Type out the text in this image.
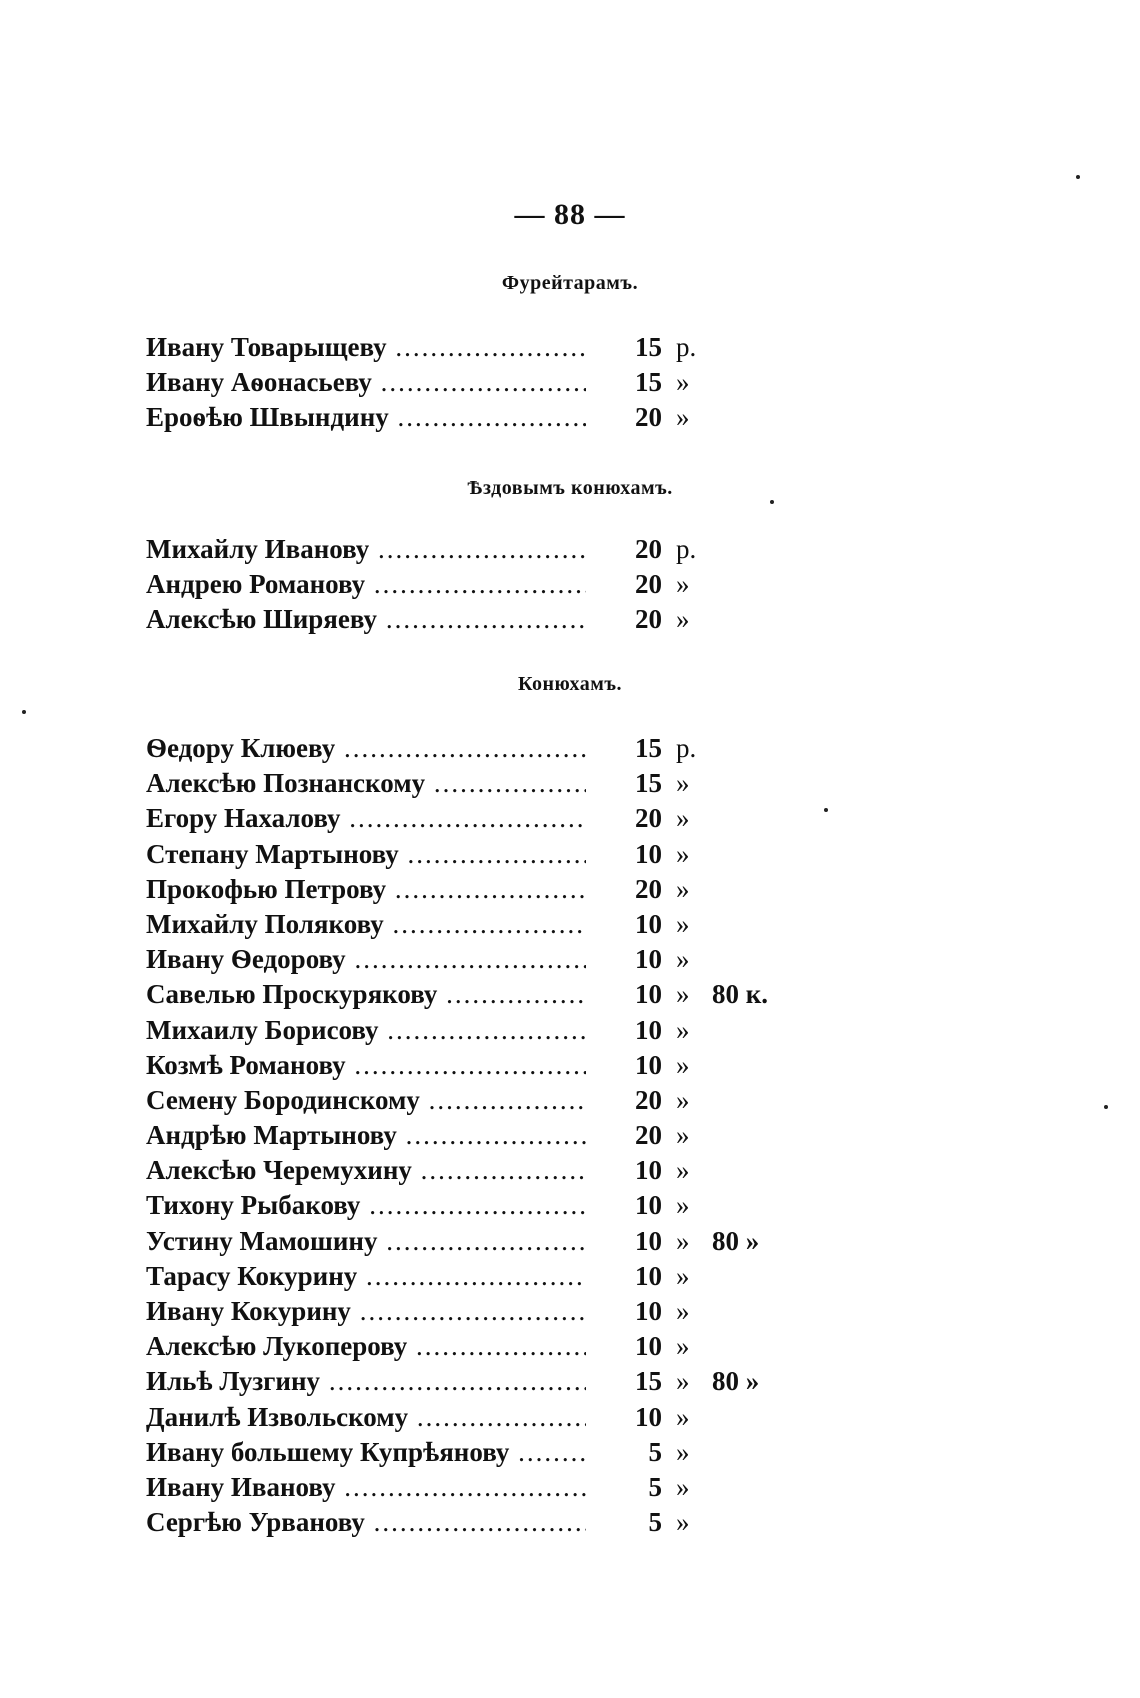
— 88 —
Фурейтарамъ.
Ивану Товарыщеву .....	15 р.
Ивану Аѳонасьеву .....	15 »
Ероѳѣю Швындину .....	20 »
Ѣздовымъ конюхамъ.
Михайлу Иванову .....	20 р.
Андрею Романову .....	20 »
Алексѣю Ширяеву .....	20 »
Конюхамъ.
Ѳедору Клюеву .....	15 р.
Алексѣю Познанскому .....	15 »
Егору Нахалову .....	20 »
Степану Мартынову .....	10 »
Прокофью Петрову .....	20 »
Михайлу Полякову .....	10 »
Ивану Ѳедорову .....	10 »
Савелью Проскурякову .....	10 » 80 к.
Михаилу Борисову .....	10 »
Козмѣ Романову .....	10 »
Семену Бородинскому .....	20 »
Андрѣю Мартынову .....	20 »
Алексѣю Черемухину .....	10 »
Тихону Рыбакову .....	10 »
Устину Мамошину .....	10 » 80 »
Тарасу Кокурину .....	10 »
Ивану Кокурину .....	10 »
Алексѣю Лукоперову .....	10 »
Ильѣ Лузгину .....	15 » 80 »
Данилѣ Извольскому .....	10 »
Ивану большему Купрѣянову .....	5 »
Ивану Иванову .....	5 »
Сергѣю Урванову .....	5 »
